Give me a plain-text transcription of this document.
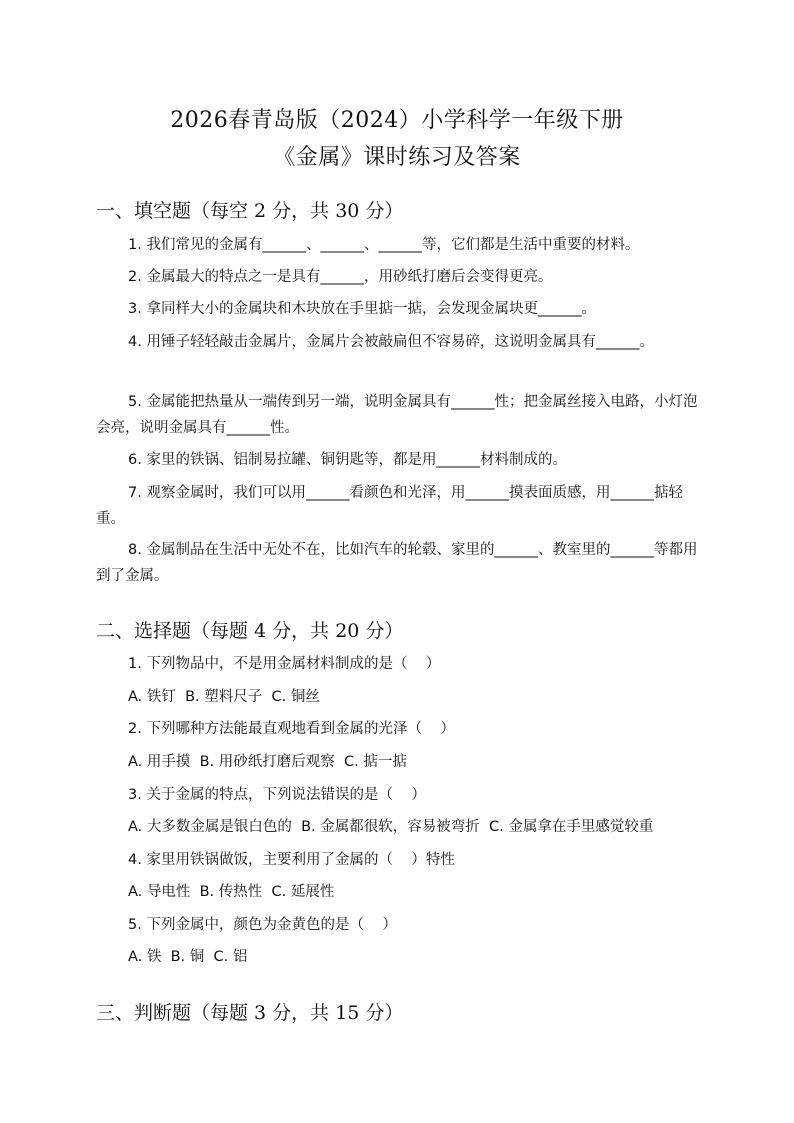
2026春青岛版（2024）小学科学一年级下册
《金属》课时练习及答案
一、填空题（每空 2 分，共 30 分）
1. 我们常见的金属有______、______、______等，它们都是生活中重要的材料。
2. 金属最大的特点之一是具有______，用砂纸打磨后会变得更亮。
3. 拿同样大小的金属块和木块放在手里掂一掂，会发现金属块更______。
4. 用锤子轻轻敲击金属片，金属片会被敲扁但不容易碎，这说明金属具有______。
5. 金属能把热量从一端传到另一端，说明金属具有______性；把金属丝接入电路，小灯泡会亮，说明金属具有______性。
6. 家里的铁锅、铝制易拉罐、铜钥匙等，都是用______材料制成的。
7. 观察金属时，我们可以用______看颜色和光泽，用______摸表面质感，用______掂轻重。
8. 金属制品在生活中无处不在，比如汽车的轮毂、家里的______、教室里的______等都用到了金属。
二、选择题（每题 4 分，共 20 分）
1. 下列物品中，不是用金属材料制成的是（    ）
A. 铁钉  B. 塑料尺子  C. 铜丝
2. 下列哪种方法能最直观地看到金属的光泽（    ）
A. 用手摸  B. 用砂纸打磨后观察  C. 掂一掂
3. 关于金属的特点，下列说法错误的是（    ）
A. 大多数金属是银白色的  B. 金属都很软，容易被弯折  C. 金属拿在手里感觉较重
4. 家里用铁锅做饭，主要利用了金属的（    ）特性
A. 导电性  B. 传热性  C. 延展性
5. 下列金属中，颜色为金黄色的是（    ）
A. 铁  B. 铜  C. 铝
三、判断题（每题 3 分，共 15 分）
